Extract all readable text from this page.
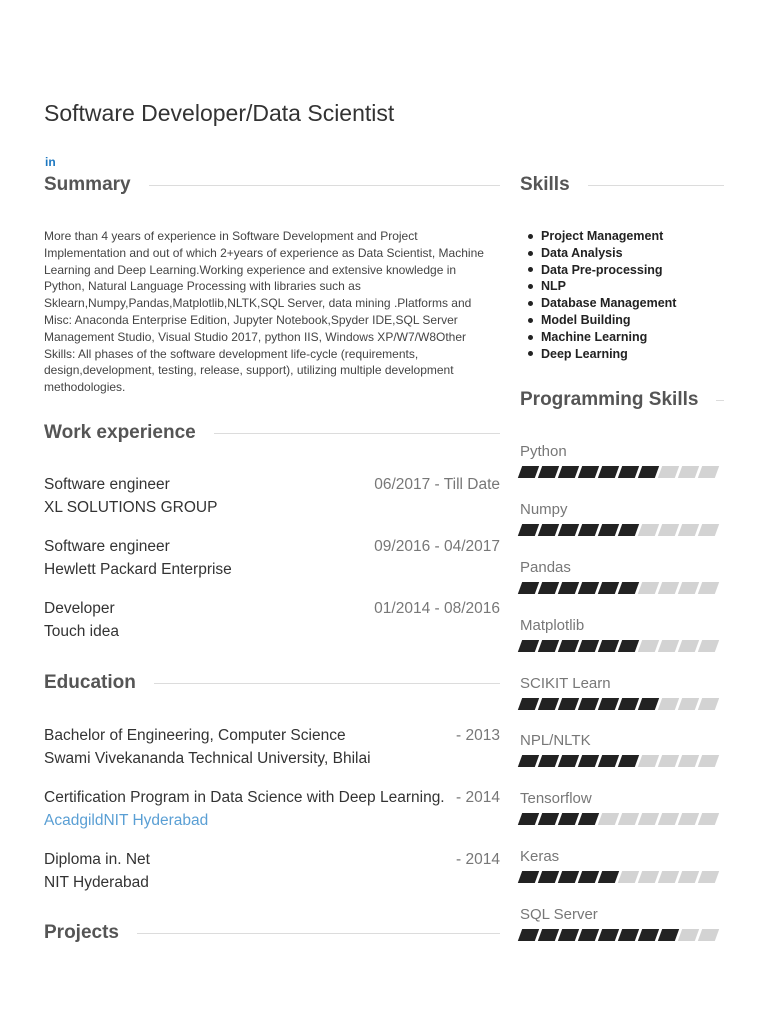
Software Developer/Data Scientist
in
Summary
More than 4 years of experience in Software Development and Project Implementation and out of which 2+years of experience as Data Scientist, Machine Learning and Deep Learning.Working experience and extensive knowledge in Python, Natural Language Processing with libraries such as Sklearn,Numpy,Pandas,Matplotlib,NLTK,SQL Server, data mining .Platforms and Misc: Anaconda Enterprise Edition, Jupyter Notebook,Spyder IDE,SQL Server Management Studio, Visual Studio 2017, python IIS, Windows XP/W7/W8Other Skills: All phases of the software development life-cycle (requirements, design,development, testing, release, support), utilizing multiple development methodologies.
Work experience
Software engineer	06/2017 - Till Date
XL SOLUTIONS GROUP
Software engineer	09/2016 - 04/2017
Hewlett Packard Enterprise
Developer	01/2014 - 08/2016
Touch idea
Education
Bachelor of Engineering, Computer Science	- 2013
Swami Vivekananda Technical University, Bhilai
Certification Program in Data Science with Deep Learning. - 2014
AcadgildNIT Hyderabad
Diploma in. Net	- 2014
NIT Hyderabad
Projects
Skills
Project Management
Data Analysis
Data Pre-processing
NLP
Database Management
Model Building
Machine Learning
Deep Learning
Programming Skills
Python
Numpy
Pandas
Matplotlib
SCIKIT Learn
NPL/NLTK
Tensorflow
Keras
SQL Server
